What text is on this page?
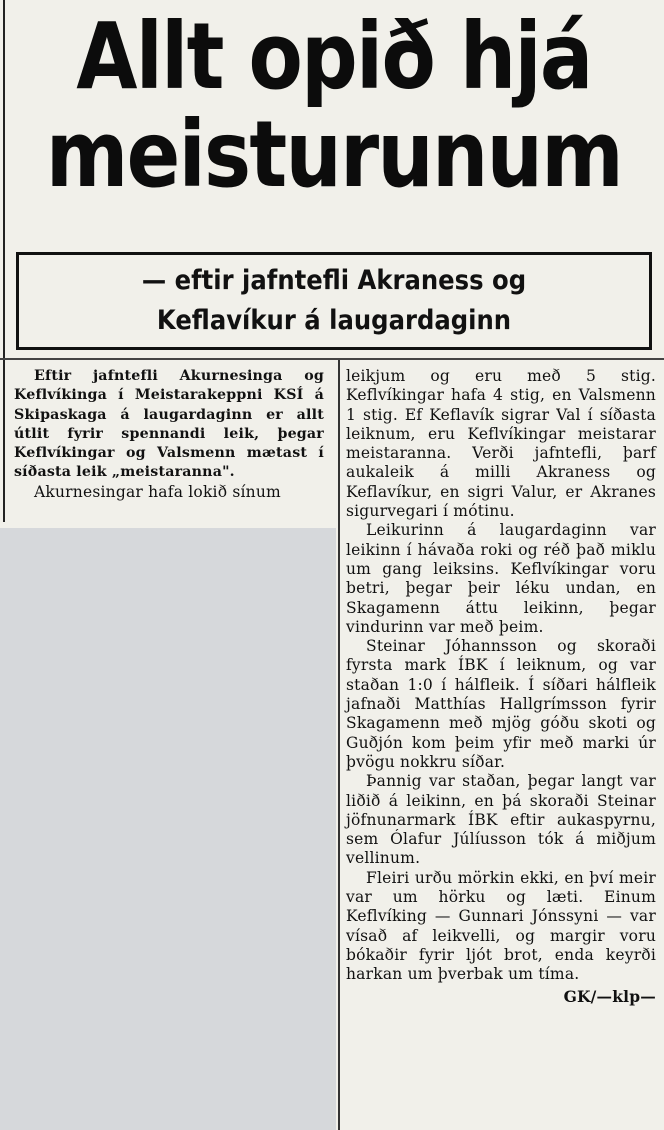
Allt opið hjá
meisturunum
— eftir jafntefli Akraness og
Keflavíkur á laugardaginn

Eftir jafntefli Akurnesinga og Keflvíkinga í Meistarakeppni KSÍ á Skipaskaga á laugardaginn er allt útlit fyrir spennandi leik, þegar Keflvíkingar og Valsmenn mætast í síðasta leik „meistaranna".

Akurnesingar hafa lokið sínum

leikjum og eru með 5 stig. Keflvíkingar hafa 4 stig, en Valsmenn 1 stig. Ef Keflavík sigrar Val í síðasta leiknum, eru Keflvíkingar meistarar meistaranna. Verði jafntefli, þarf aukaleik á milli Akraness og Keflavíkur, en sigri Valur, er Akranes sigurvegari í mótinu.

Leikurinn á laugardaginn var leikinn í hávaða roki og réð það miklu um gang leiksins. Keflvíkingar voru betri, þegar þeir léku undan, en Skagamenn áttu leikinn, þegar vindurinn var með þeim.

Steinar Jóhannsson og skoraði fyrsta mark ÍBK í leiknum, og var staðan 1:0 í hálfleik. Í síðari hálfleik jafnaði Matthías Hallgrímsson fyrir Skagamenn með mjög góðu skoti og Guðjón kom þeim yfir með marki úr þvögu nokkru síðar.

Þannig var staðan, þegar langt var liðið á leikinn, en þá skoraði Steinar jöfnunarmark ÍBK eftir aukaspyrnu, sem Ólafur Júlíusson tók á miðjum vellinum.

Fleiri urðu mörkin ekki, en því meir var um hörku og læti. Einum Keflvíking — Gunnari Jónssyni — var vísað af leikvelli, og margir voru bókaðir fyrir ljót brot, enda keyrði harkan um þverbak um tíma.

GK/—klp—
